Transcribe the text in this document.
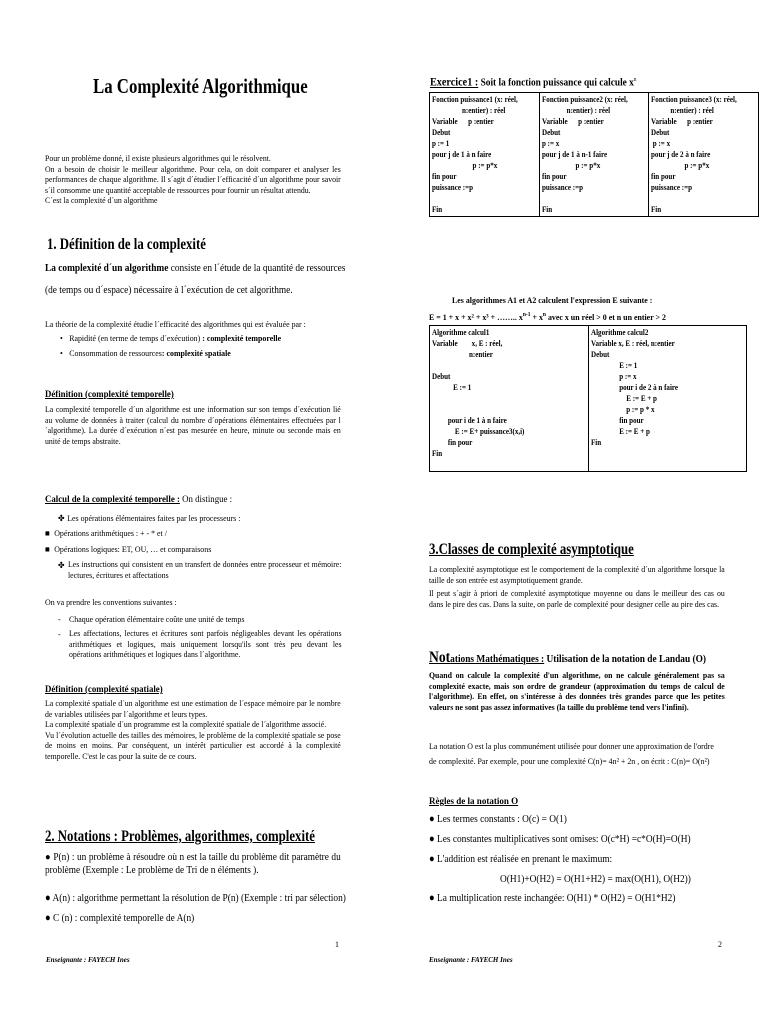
La Complexité Algorithmique
Pour un problème donné, il existe plusieurs algorithmes qui le résolvent.
On a besoin de choisir le meilleur algorithme. Pour cela, on doit comparer et analyser les performances de chaque algorithme. Il s´agit d´étudier l´efficacité d´un algorithme pour savoir s´il consomme une quantité acceptable de ressources pour fournir un résultat attendu.
C´est la complexité d´un algorithme
1. Définition de la complexité
La complexité d´un algorithme consiste en l´étude de la quantité de ressources
(de temps ou d´espace) nécessaire à l´exécution de cet algorithme.
La théorie de la complexité étudie l´efficacité des algorithmes qui est évaluée par :
• Rapidité (en terme de temps d´exécution) : complexité temporelle
• Consommation de ressources: complexité spatiale
Définition (complexité temporelle)
La complexité temporelle d´un algorithme est une information sur son temps d´exécution lié au volume de données à traiter (calcul du nombre d´opérations élémentaires effectuées par l´algorithme). La durée d´exécution n´est pas mesurée en heure, minute ou seconde mais en unité de temps abstraite.
Calcul de la complexité temporelle : On distingue :
✤ Les opérations élémentaires faites par les processeurs :
■ Opérations arithmétiques : + - * et /
■ Opérations logiques: ET, OU, … et comparaisons
✤ Les instructions qui consistent en un transfert de données entre processeur et mémoire: lectures, écritures et affectations
On va prendre les conventions suivantes :
- Chaque opération élémentaire coûte une unité de temps
- Les affectations, lectures et écritures sont parfois négligeables devant les opérations arithmétiques et logiques, mais uniquement lorsqu'ils sont très peu devant les opérations arithmétiques et logiques dans l´algorithme.
Définition (complexité spatiale)
La complexité spatiale d´un algorithme est une estimation de l´espace mémoire par le nombre de variables utilisées par l´algorithme et leurs types.
La complexité spatiale d´un programme est la complexité spatiale de l´algorithme associé.
Vu l´évolution actuelle des tailles des mémoires, le problème de la complexité spatiale se pose de moins en moins. Par conséquent, un intérêt particulier est accordé à la complexité temporelle. C'est le cas pour la suite de ce cours.
2. Notations : Problèmes, algorithmes, complexité
● P(n) : un problème à résoudre où n est la taille du problème dit paramètre du problème (Exemple : Le problème de Tri de n éléments ).
● A(n) : algorithme permettant la résolution de P(n) (Exemple : tri par sélection)
● C (n) : complexité temporelle de A(n)
1
Enseignante : FAYECH Ines
Exercice1 : Soit la fonction puissance qui calcule $x^n$
Fonction puissance1 (x: réel,
n:entier) : réel
Variable      p :entier
Debut
p := 1
pour j de 1 à n faire
p := p*x
fin pour
puissance :=p
Fin

Fonction puissance2 (x: réel,
n:entier) : réel
Variable      p :entier
Debut
p := x
pour j de 1 à n-1 faire
p := p*x
fin pour
puissance :=p
Fin

Fonction puissance3 (x: réel,
n:entier) : réel
Variable      p :entier
Debut
p := x
pour j de 2 à n faire
p := p*x
fin pour
puissance :=p
Fin
Les algorithmes A1 et A2 calculent l'expression E suivante :
E = 1 + x + x² + x³ + …….. $x^{n-1} + x^n$ avec x un réel > 0 et n un entier > 2
Algorithme calcul1
Variable        x, E : réel,
n:entier
Debut
E := 1
pour i de 1 à n faire
E := E+ puissance3(x,i)
fin pour
Fin

Algorithme calcul2
Variable x, E : réel, n:entier
Debut
E := 1
p := x
pour i de 2 à n faire
E := E + p
p := p * x
fin pour
E := E + p
Fin
3.Classes de complexité asymptotique
La complexité asymptotique est le comportement de la complexité d´un algorithme lorsque la taille de son entrée est asymptotiquement grande.
Il peut s´agir à priori de complexité asymptotique moyenne ou dans le meilleur des cas ou dans le pire des cas. Dans la suite, on parle de complexité pour designer celle au pire des cas.
Notations Mathématiques : Utilisation de la notation de Landau (O)
Quand on calcule la complexité d'un algorithme, on ne calcule généralement pas sa complexité exacte, mais son ordre de grandeur (approximation du temps de calcul de l'algorithme). En effet, on s'intéresse à des données très grandes parce que les petites valeurs ne sont pas assez informatives (la taille du problème tend vers l'infini).
La notation O est la plus communément utilisée pour donner une approximation de l'ordre
de complexité. Par exemple, pour une complexité C(n)= 4n² + 2n , on écrit : C(n)= O(n²)
Règles de la notation O
● Les termes constants : O(c) = O(1)
● Les constantes multiplicatives sont omises: O(c*H) =c*O(H)=O(H)
● L'addition est réalisée en prenant le maximum:
O(H1)+O(H2) = O(H1+H2) = max(O(H1), O(H2))
● La multiplication reste inchangée: O(H1) * O(H2) = O(H1*H2)
2
Enseignante : FAYECH Ines
